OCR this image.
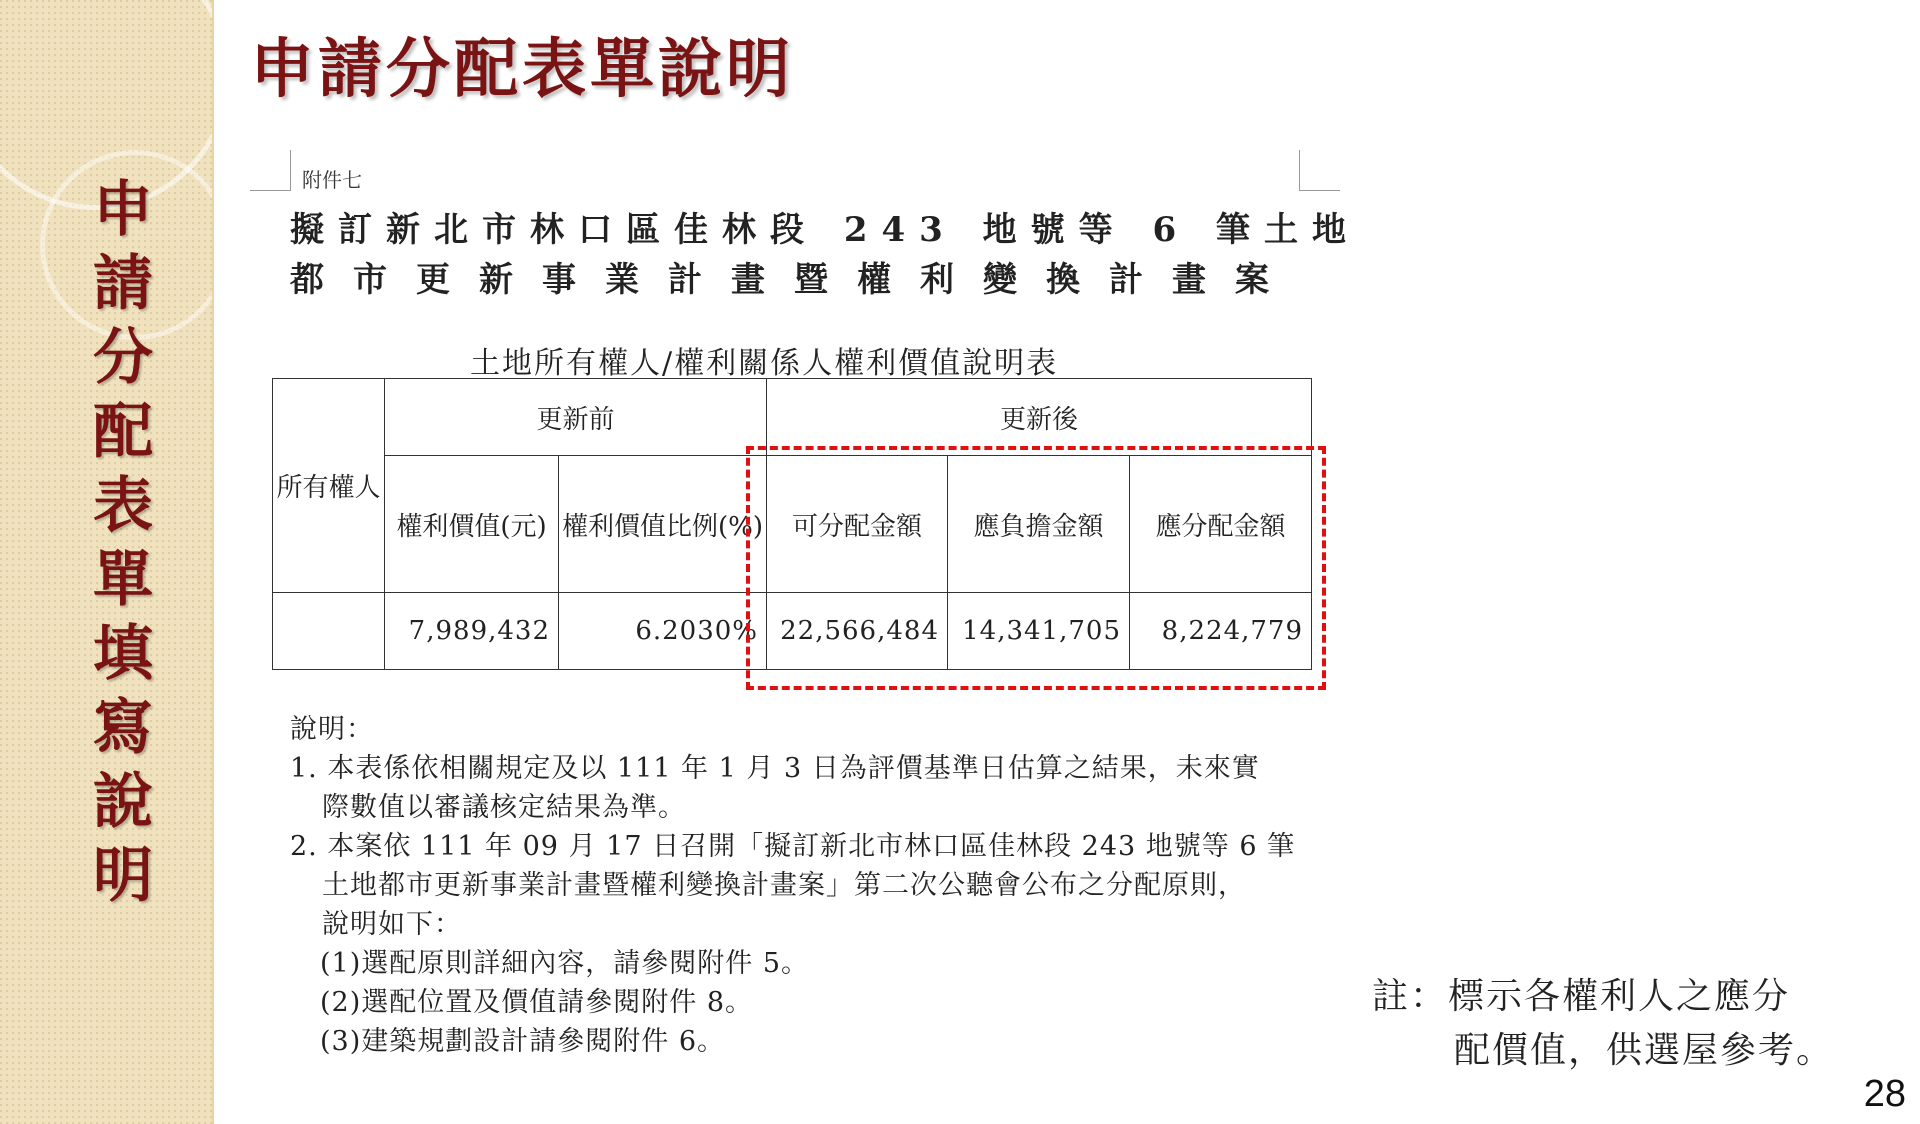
申
請
分
配
表
單
填
寫
說
明
申請分配表單說明
附件七
擬訂新北市林口區佳林段 243 地號等 6 筆土地
都市更新事業計畫暨權利變換計畫案
土地所有權人/權利關係人權利價值說明表
所有權人	更新前		更新後		
	權利價值(元)	權利價值比例(%)	可分配金額	應負擔金額	應分配金額
	7,989,432	6.2030%	22,566,484	14,341,705	8,224,779

說明：

1. 本表係依相關規定及以 111 年 1 月 3 日為評價基準日估算之結果，未來實

際數值以審議核定結果為準。

2. 本案依 111 年 09 月 17 日召開「擬訂新北市林口區佳林段 243 地號等 6 筆

土地都市更新事業計畫暨權利變換計畫案」第二次公聽會公布之分配原則，

說明如下：

(1)選配原則詳細內容，請參閱附件 5。

(2)選配位置及價值請參閱附件 8。

(3)建築規劃設計請參閱附件 6。

註：標示各權利人之應分

配價值，供選屋參考。

28
